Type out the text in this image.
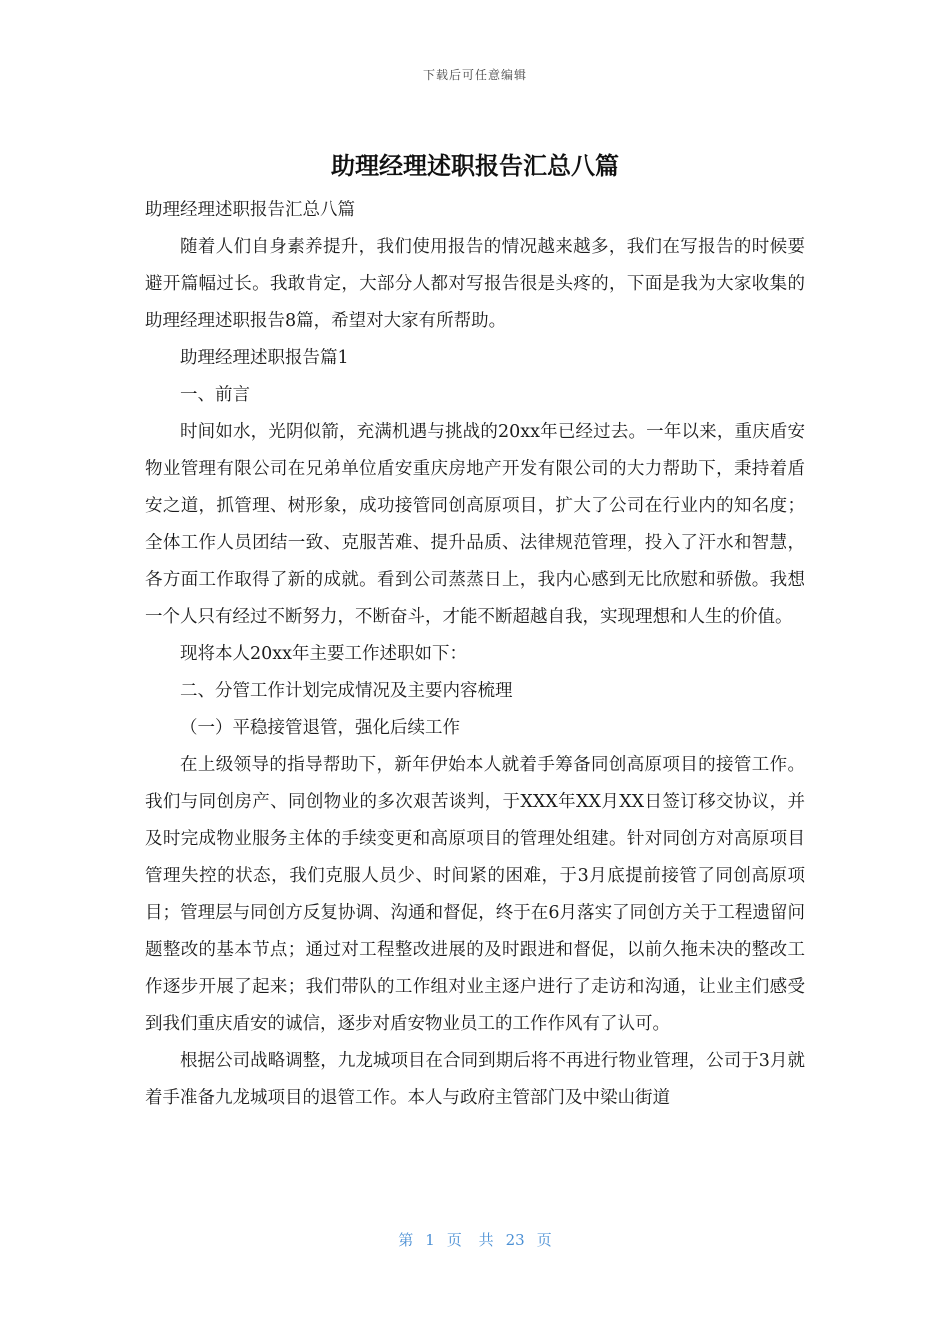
下载后可任意编辑
助理经理述职报告汇总八篇

助理经理述职报告汇总八篇

随着人们自身素养提升，我们使用报告的情况越来越多，我们在写报告的时候要避开篇幅过长。我敢肯定，大部分人都对写报告很是头疼的，下面是我为大家收集的助理经理述职报告8篇，希望对大家有所帮助。

助理经理述职报告篇1

一、前言

时间如水，光阴似箭，充满机遇与挑战的20xx年已经过去。一年以来，重庆盾安物业管理有限公司在兄弟单位盾安重庆房地产开发有限公司的大力帮助下，秉持着盾安之道，抓管理、树形象，成功接管同创高原项目，扩大了公司在行业内的知名度；全体工作人员团结一致、克服苦难、提升品质、法律规范管理，投入了汗水和智慧，各方面工作取得了新的成就。看到公司蒸蒸日上，我内心感到无比欣慰和骄傲。我想一个人只有经过不断努力，不断奋斗，才能不断超越自我，实现理想和人生的价值。

现将本人20xx年主要工作述职如下：

二、分管工作计划完成情况及主要内容梳理

（一）平稳接管退管，强化后续工作

在上级领导的指导帮助下，新年伊始本人就着手筹备同创高原项目的接管工作。我们与同创房产、同创物业的多次艰苦谈判，于XXX年XX月XX日签订移交协议，并及时完成物业服务主体的手续变更和高原项目的管理处组建。针对同创方对高原项目管理失控的状态，我们克服人员少、时间紧的困难，于3月底提前接管了同创高原项目；管理层与同创方反复协调、沟通和督促，终于在6月落实了同创方关于工程遗留问题整改的基本节点；通过对工程整改进展的及时跟进和督促，以前久拖未决的整改工作逐步开展了起来；我们带队的工作组对业主逐户进行了走访和沟通，让业主们感受到我们重庆盾安的诚信，逐步对盾安物业员工的工作作风有了认可。

根据公司战略调整，九龙城项目在合同到期后将不再进行物业管理，公司于3月就着手准备九龙城项目的退管工作。本人与政府主管部门及中梁山街道

第 1 页 共 23 页
